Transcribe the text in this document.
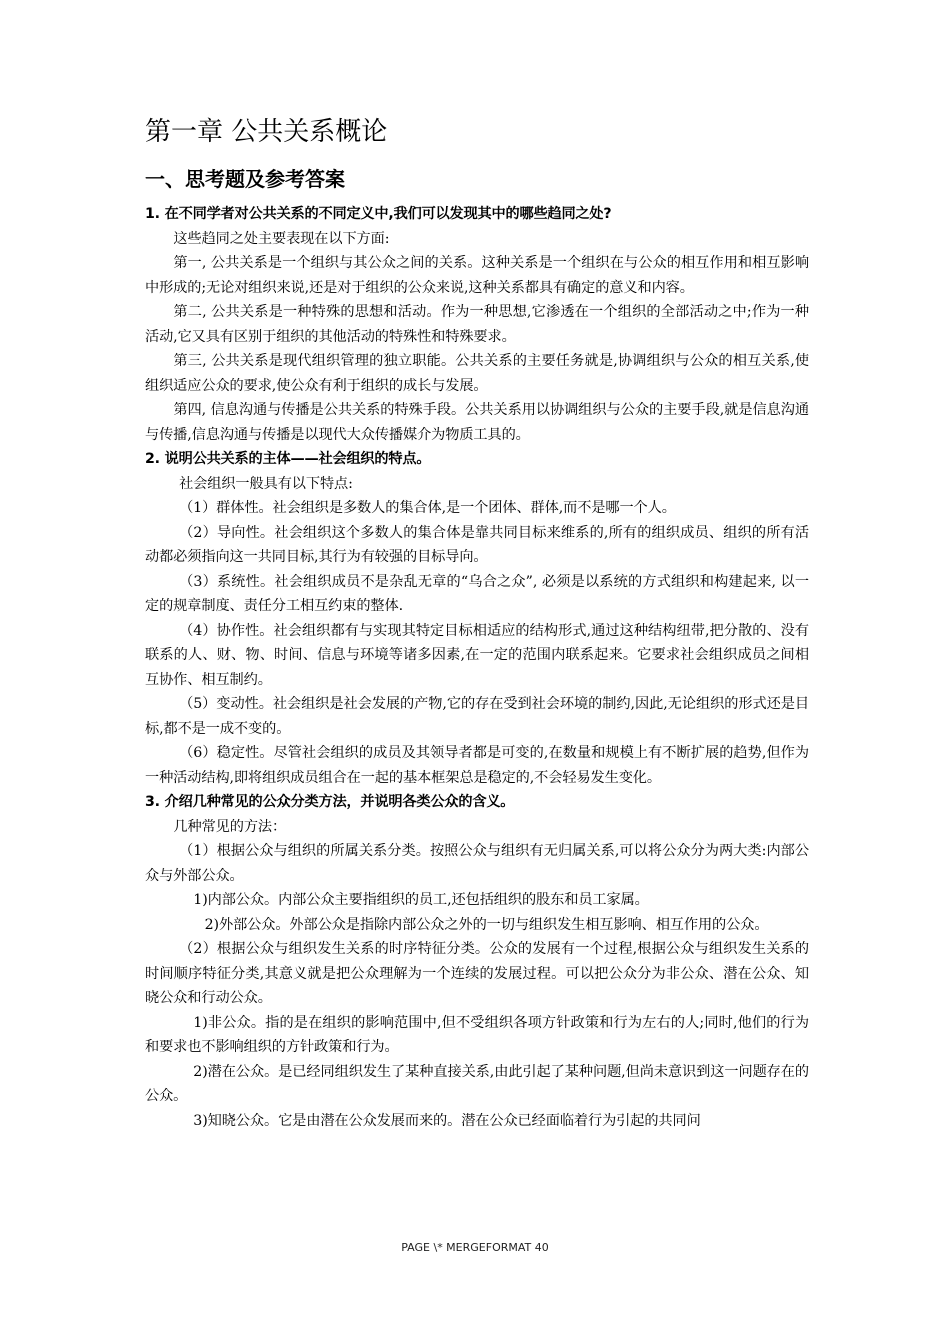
第一章 公共关系概论
一、思考题及参考答案

1. 在不同学者对公共关系的不同定义中,我们可以发现其中的哪些趋同之处?

这些趋同之处主要表现在以下方面:

第一, 公共关系是一个组织与其公众之间的关系。这种关系是一个组织在与公众的相互作用和相互影响中形成的;无论对组织来说,还是对于组织的公众来说,这种关系都具有确定的意义和内容。

第二, 公共关系是一种特殊的思想和活动。作为一种思想,它渗透在一个组织的全部活动之中;作为一种活动,它又具有区别于组织的其他活动的特殊性和特殊要求。

第三, 公共关系是现代组织管理的独立职能。公共关系的主要任务就是,协调组织与公众的相互关系,使组织适应公众的要求,使公众有利于组织的成长与发展。

第四, 信息沟通与传播是公共关系的特殊手段。公共关系用以协调组织与公众的主要手段,就是信息沟通与传播,信息沟通与传播是以现代大众传播媒介为物质工具的。

2. 说明公共关系的主体——社会组织的特点。

社会组织一般具有以下特点:

（1）群体性。社会组织是多数人的集合体,是一个团体、群体,而不是哪一个人。

（2）导向性。社会组织这个多数人的集合体是靠共同目标来维系的,所有的组织成员、组织的所有活动都必须指向这一共同目标,其行为有较强的目标导向。

（3）系统性。社会组织成员不是杂乱无章的“乌合之众”, 必须是以系统的方式组织和构建起来, 以一定的规章制度、责任分工相互约束的整体.

（4）协作性。社会组织都有与实现其特定目标相适应的结构形式,通过这种结构纽带,把分散的、没有联系的人、财、物、时间、信息与环境等诸多因素,在一定的范围内联系起来。它要求社会组织成员之间相互协作、相互制约。

（5）变动性。社会组织是社会发展的产物,它的存在受到社会环境的制约,因此,无论组织的形式还是目标,都不是一成不变的。

（6）稳定性。尽管社会组织的成员及其领导者都是可变的,在数量和规模上有不断扩展的趋势,但作为一种活动结构,即将组织成员组合在一起的基本框架总是稳定的,不会轻易发生变化。

3. 介绍几种常见的公众分类方法，并说明各类公众的含义。

几种常见的方法：

（1）根据公众与组织的所属关系分类。按照公众与组织有无归属关系,可以将公众分为两大类:内部公众与外部公众。

1)内部公众。内部公众主要指组织的员工,还包括组织的股东和员工家属。

2)外部公众。外部公众是指除内部公众之外的一切与组织发生相互影响、相互作用的公众。

（2）根据公众与组织发生关系的时序特征分类。公众的发展有一个过程,根据公众与组织发生关系的时间顺序特征分类,其意义就是把公众理解为一个连续的发展过程。可以把公众分为非公众、潜在公众、知晓公众和行动公众。

1)非公众。指的是在组织的影响范围中,但不受组织各项方针政策和行为左右的人;同时,他们的行为和要求也不影响组织的方针政策和行为。

2)潜在公众。是已经同组织发生了某种直接关系,由此引起了某种问题,但尚未意识到这一问题存在的公众。

3)知晓公众。它是由潜在公众发展而来的。潜在公众已经面临着行为引起的共同问

PAGE \* MERGEFORMAT 40
